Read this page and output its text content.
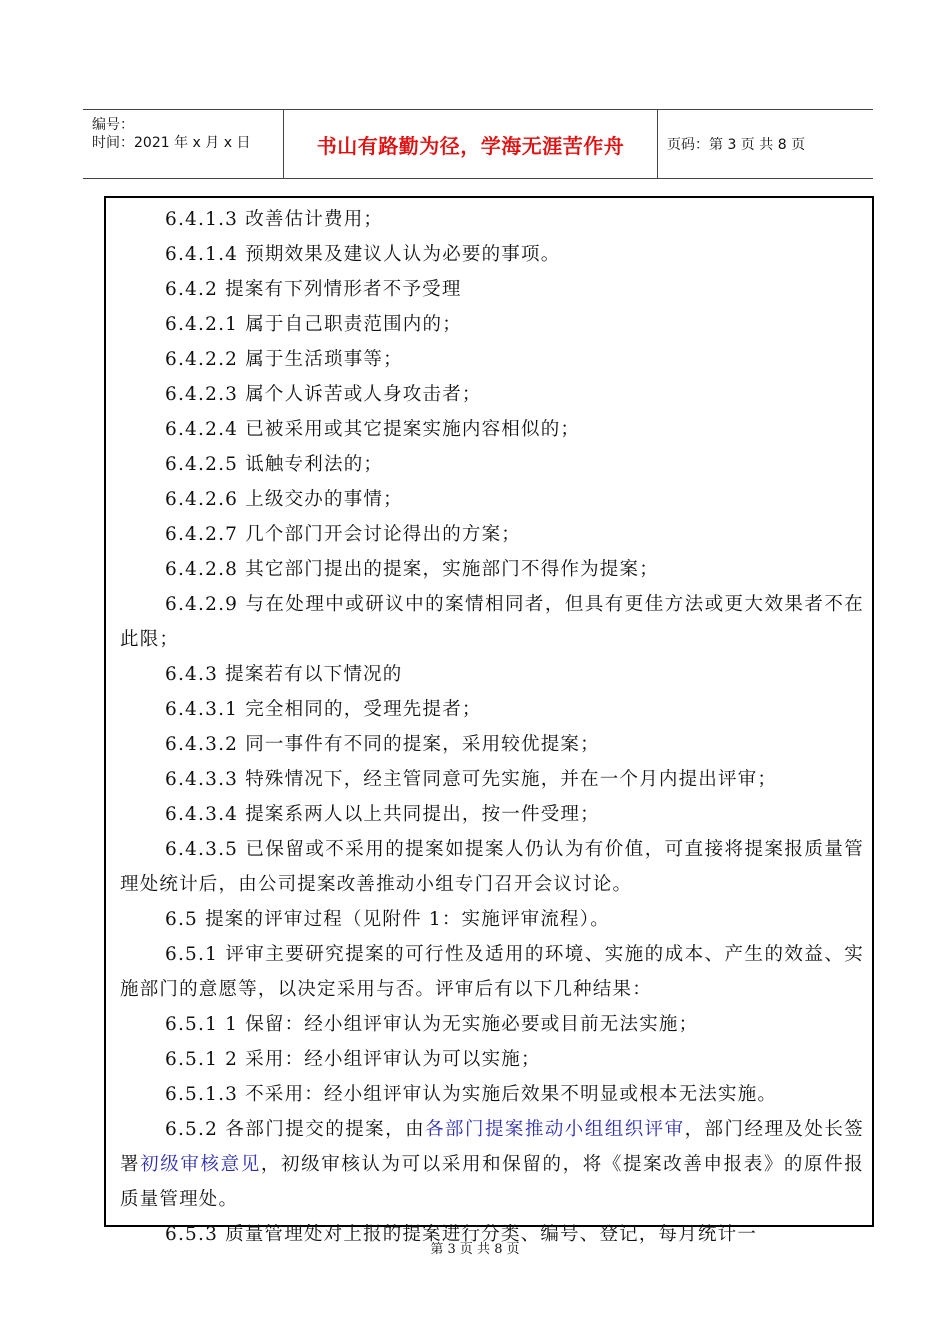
编号：
时间：2021 年 x 月 x 日	书山有路勤为径，学海无涯苦作舟	页码：第 3 页 共 8 页

6.4.1.3 改善估计费用；

6.4.1.4 预期效果及建议人认为必要的事项。

6.4.2 提案有下列情形者不予受理

6.4.2.1 属于自己职责范围内的；

6.4.2.2 属于生活琐事等；

6.4.2.3 属个人诉苦或人身攻击者；

6.4.2.4 已被采用或其它提案实施内容相似的；

6.4.2.5 诋触专利法的；

6.4.2.6 上级交办的事情；

6.4.2.7 几个部门开会讨论得出的方案；

6.4.2.8 其它部门提出的提案，实施部门不得作为提案；

6.4.2.9 与在处理中或研议中的案情相同者，但具有更佳方法或更大效果者不在此限；

6.4.3 提案若有以下情况的

6.4.3.1 完全相同的，受理先提者；

6.4.3.2 同一事件有不同的提案，采用较优提案；

6.4.3.3 特殊情况下，经主管同意可先实施，并在一个月内提出评审；

6.4.3.4 提案系两人以上共同提出，按一件受理；

6.4.3.5 已保留或不采用的提案如提案人仍认为有价值，可直接将提案报质量管理处统计后，由公司提案改善推动小组专门召开会议讨论。

6.5 提案的评审过程（见附件 1：实施评审流程）。

6.5.1 评审主要研究提案的可行性及适用的环境、实施的成本、产生的效益、实施部门的意愿等，以决定采用与否。评审后有以下几种结果：

6.5.1 1 保留：经小组评审认为无实施必要或目前无法实施；

6.5.1 2 采用：经小组评审认为可以实施；

6.5.1.3 不采用：经小组评审认为实施后效果不明显或根本无法实施。

6.5.2 各部门提交的提案，由各部门提案推动小组组织评审，部门经理及处长签署初级审核意见，初级审核认为可以采用和保留的，将《提案改善申报表》的原件报质量管理处。

6.5.3 质量管理处对上报的提案进行分类、编号、登记，每月统计一

第 3 页 共 8 页
